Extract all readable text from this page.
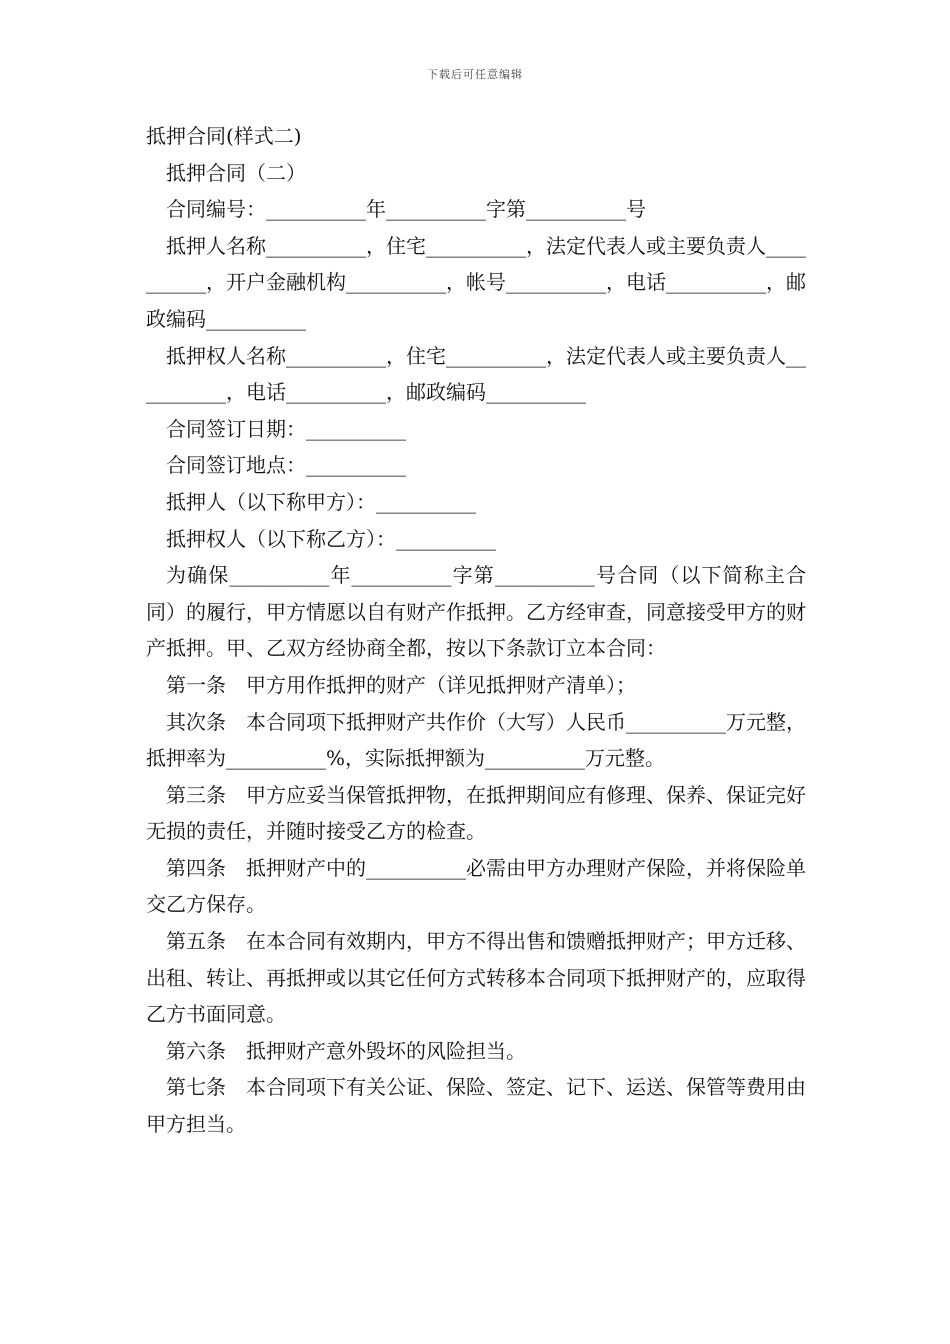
下载后可任意编辑

抵押合同(样式二)

抵押合同（二）

合同编号：__________年__________字第__________号

抵押人名称__________，住宅__________，法定代表人或主要负责人__________，开户金融机构__________，帐号__________，电话__________，邮政编码__________

抵押权人名称__________，住宅__________，法定代表人或主要负责人__________，电话__________，邮政编码__________

合同签订日期：__________

合同签订地点：__________

抵押人（以下称甲方）：__________

抵押权人（以下称乙方）：__________

为确保__________年__________字第__________号合同（以下简称主合同）的履行，甲方情愿以自有财产作抵押。乙方经审查，同意接受甲方的财产抵押。甲、乙双方经协商全都，按以下条款订立本合同：

第一条　甲方用作抵押的财产（详见抵押财产清单）；

其次条　本合同项下抵押财产共作价（大写）人民币__________万元整，抵押率为__________%，实际抵押额为__________万元整。

第三条　甲方应妥当保管抵押物，在抵押期间应有修理、保养、保证完好无损的责任，并随时接受乙方的检查。

第四条　抵押财产中的__________必需由甲方办理财产保险，并将保险单交乙方保存。

第五条　在本合同有效期内，甲方不得出售和馈赠抵押财产；甲方迁移、出租、转让、再抵押或以其它任何方式转移本合同项下抵押财产的，应取得乙方书面同意。

第六条　抵押财产意外毁坏的风险担当。

第七条　本合同项下有关公证、保险、签定、记下、运送、保管等费用由甲方担当。
